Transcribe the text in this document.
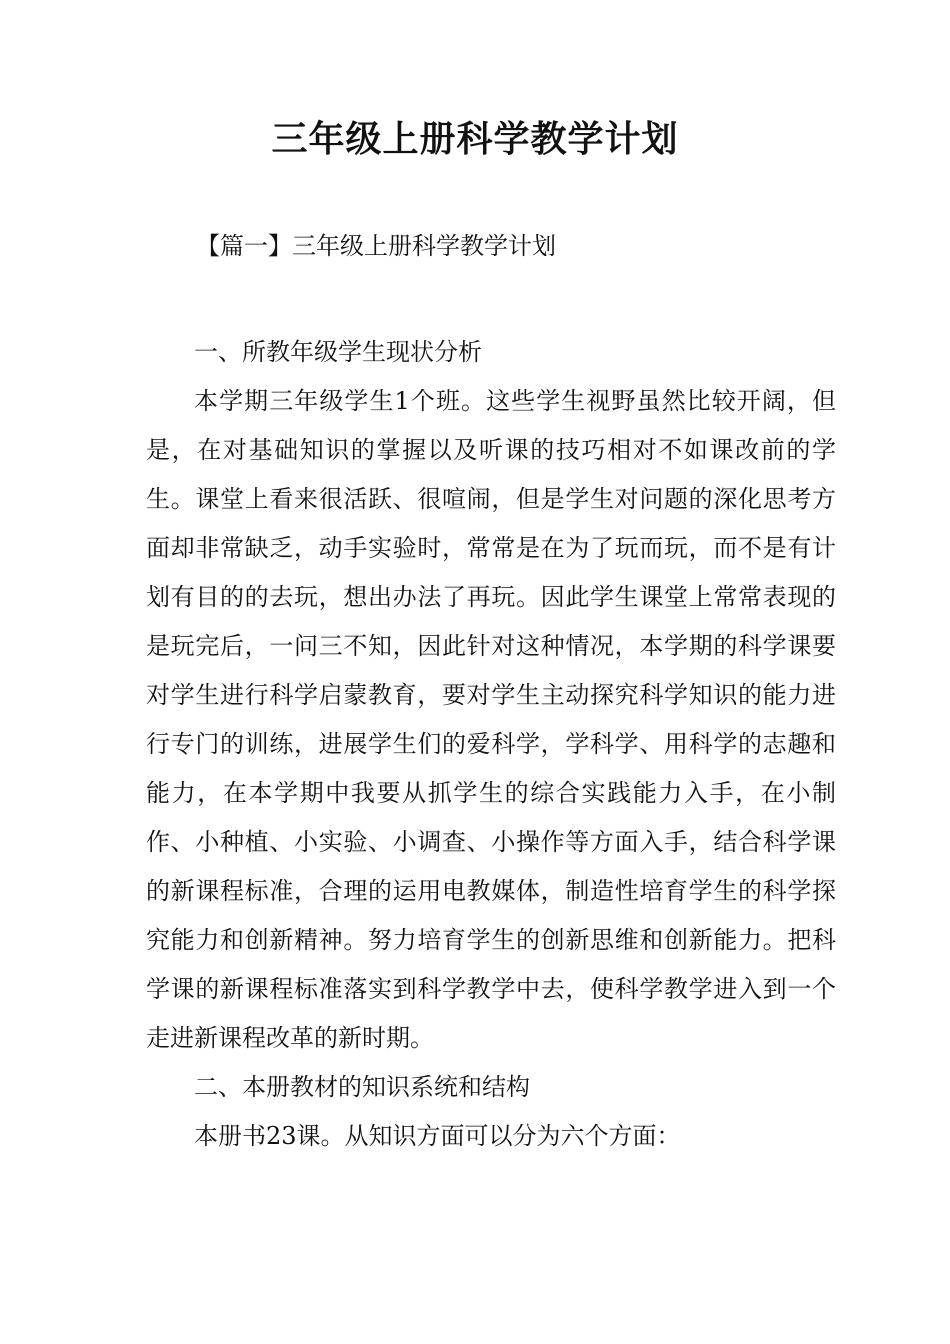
三年级上册科学教学计划
【篇一】三年级上册科学教学计划

一、所教年级学生现状分析

本学期三年级学生1个班。这些学生视野虽然比较开阔，但是，在对基础知识的掌握以及听课的技巧相对不如课改前的学生。课堂上看来很活跃、很喧闹，但是学生对问题的深化思考方面却非常缺乏，动手实验时，常常是在为了玩而玩，而不是有计划有目的的去玩，想出办法了再玩。因此学生课堂上常常表现的是玩完后，一问三不知，因此针对这种情况，本学期的科学课要对学生进行科学启蒙教育，要对学生主动探究科学知识的能力进行专门的训练，进展学生们的爱科学，学科学、用科学的志趣和能力，在本学期中我要从抓学生的综合实践能力入手，在小制作、小种植、小实验、小调查、小操作等方面入手，结合科学课的新课程标准，合理的运用电教媒体，制造性培育学生的科学探究能力和创新精神。努力培育学生的创新思维和创新能力。把科学课的新课程标准落实到科学教学中去，使科学教学进入到一个走进新课程改革的新时期。

二、本册教材的知识系统和结构

本册书23课。从知识方面可以分为六个方面：
